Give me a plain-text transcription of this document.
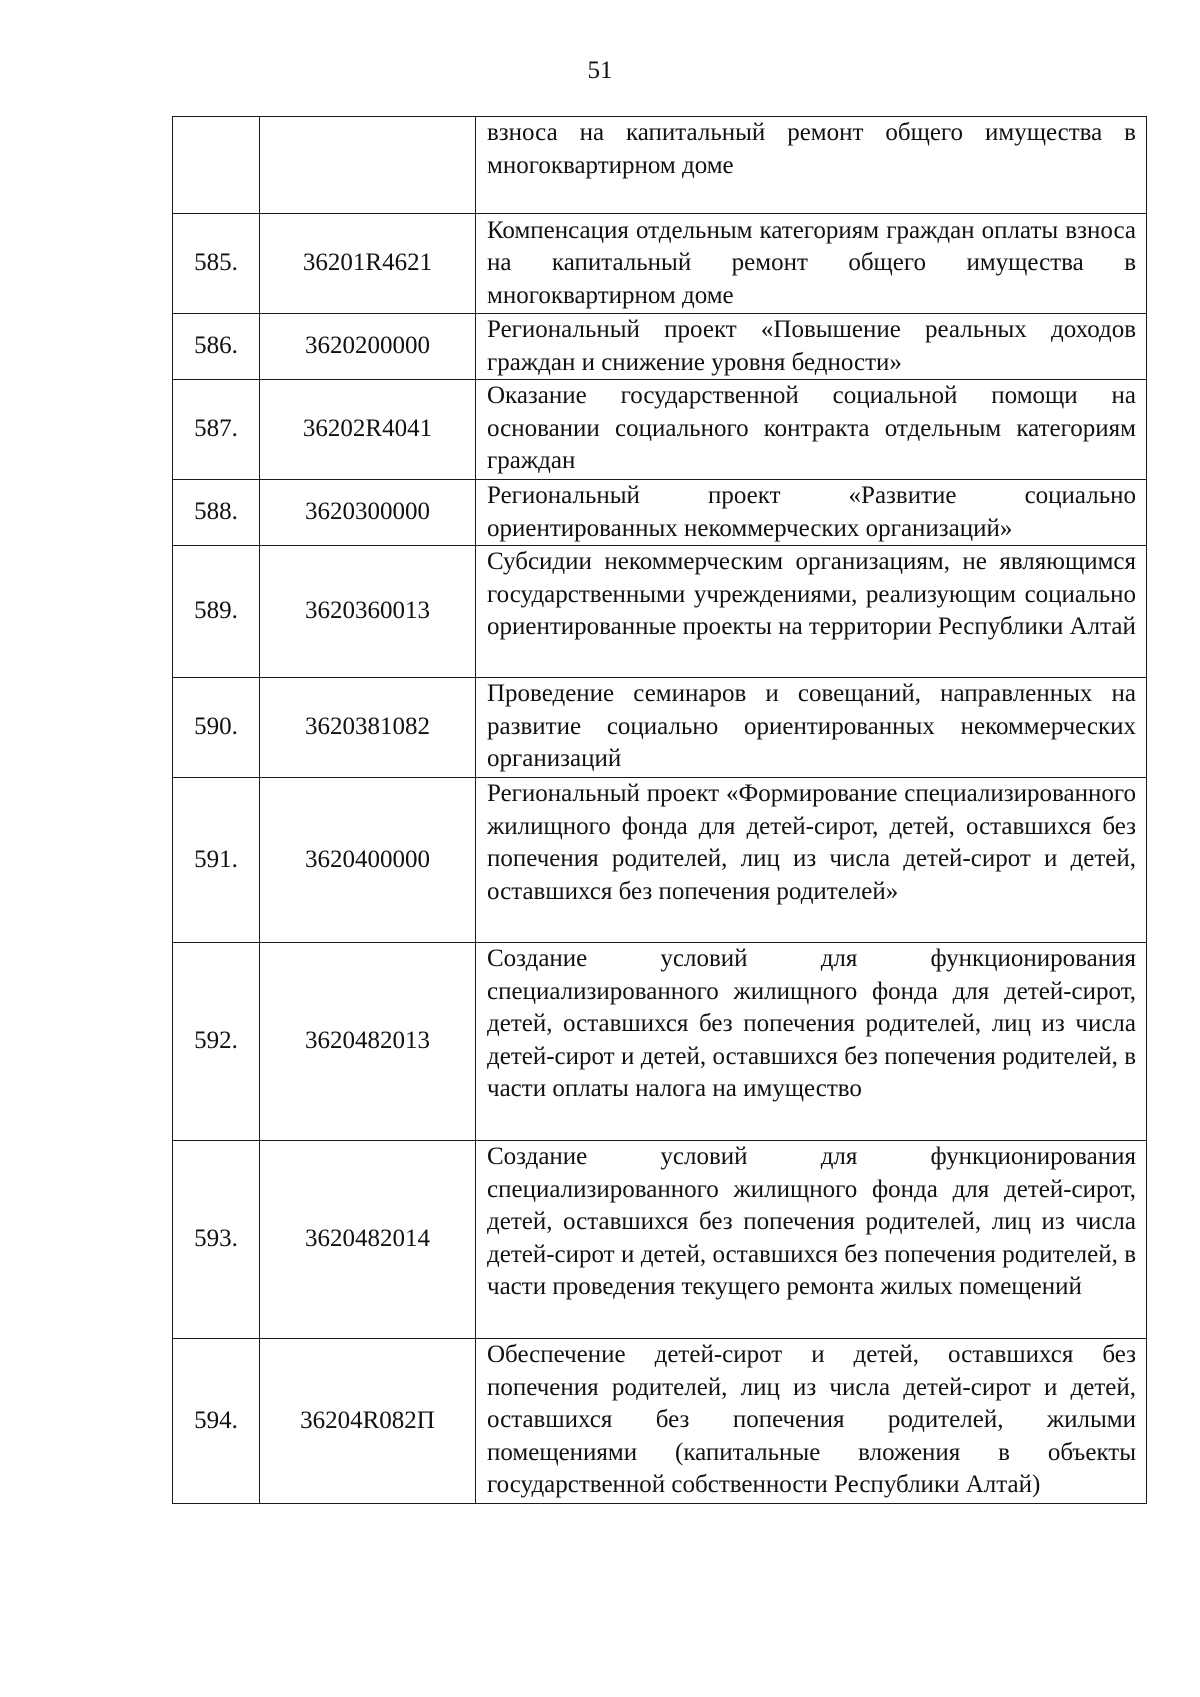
51

		взноса на капитальный ремонт общего имущества в многоквартирном доме

585.	36201R4621	Компенсация отдельным категориям граждан оплаты взноса на капитальный ремонт общего имущества в многоквартирном доме

586.	3620200000	Региональный проект «Повышение реальных доходов граждан и снижение уровня бедности»

587.	36202R4041	Оказание государственной социальной помощи на основании социального контракта отдельным категориям граждан

588.	3620300000	Региональный проект «Развитие социально ориентированных некоммерческих организаций»

589.	3620360013	Субсидии некоммерческим организациям, не являющимся государственными учреждениями, реализующим социально ориентированные проекты на территории Республики Алтай

590.	3620381082	Проведение семинаров и совещаний, направленных на развитие социально ориентированных некоммерческих организаций

591.	3620400000	Региональный проект «Формирование специализированного жилищного фонда для детей-сирот, детей, оставшихся без попечения родителей, лиц из числа детей-сирот и детей, оставшихся без попечения родителей»

592.	3620482013	Создание условий для функционирования специализированного жилищного фонда для детей-сирот, детей, оставшихся без попечения родителей, лиц из числа детей-сирот и детей, оставшихся без попечения родителей, в части оплаты налога на имущество

593.	3620482014	Создание условий для функционирования специализированного жилищного фонда для детей-сирот, детей, оставшихся без попечения родителей, лиц из числа детей-сирот и детей, оставшихся без попечения родителей, в части проведения текущего ремонта жилых помещений

594.	36204R082П	Обеспечение детей-сирот и детей, оставшихся без попечения родителей, лиц из числа детей-сирот и детей, оставшихся без попечения родителей, жилыми помещениями (капитальные вложения в объекты государственной собственности Республики Алтай)
